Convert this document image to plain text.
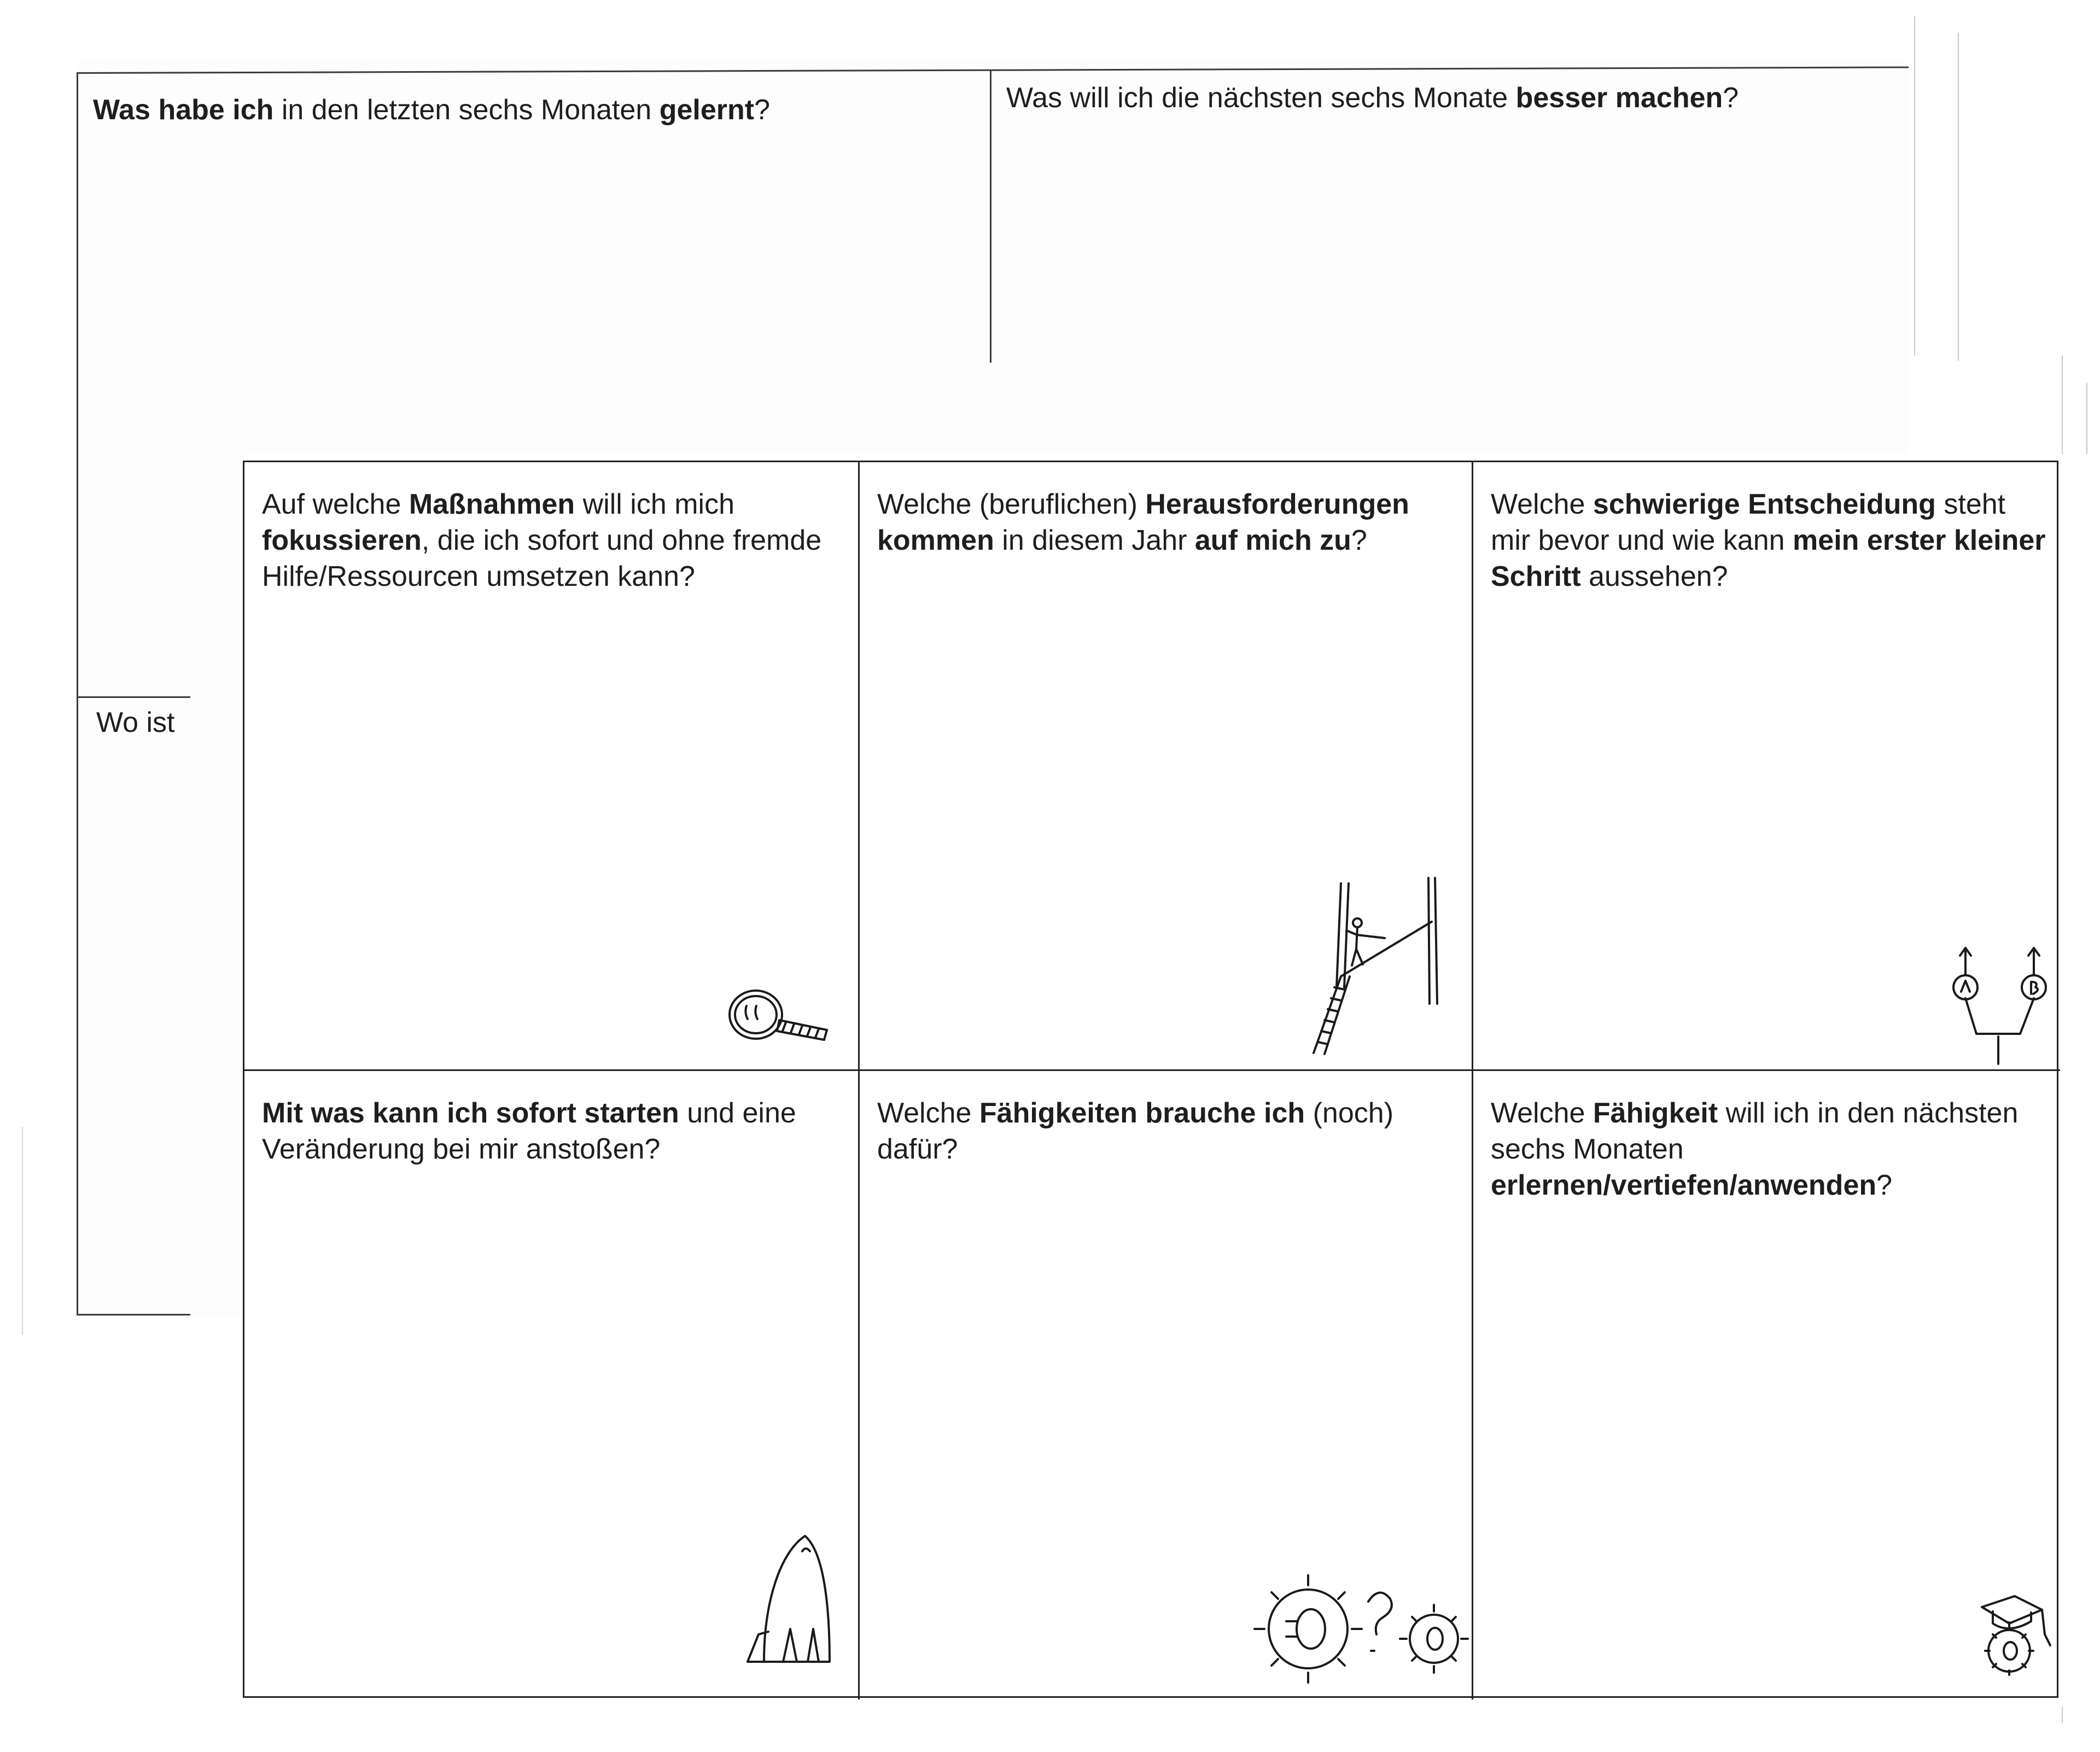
Was habe ich in den letzten sechs Monaten gelernt?	Was will ich die nächsten sechs Monate besser machen?

Wo ist

Auf welche Maßnahmen will ich mich fokussieren, die ich sofort und ohne fremde Hilfe/Ressourcen umsetzen kann?

Welche (beruflichen) Herausforderungen kommen in diesem Jahr auf mich zu?

Welche schwierige Entscheidung steht mir bevor und wie kann mein erster kleiner Schritt aussehen?

Mit was kann ich sofort starten und eine Veränderung bei mir anstoßen?

Welche Fähigkeiten brauche ich (noch) dafür?

Welche Fähigkeit will ich in den nächsten sechs Monaten erlernen/vertiefen/anwenden?
